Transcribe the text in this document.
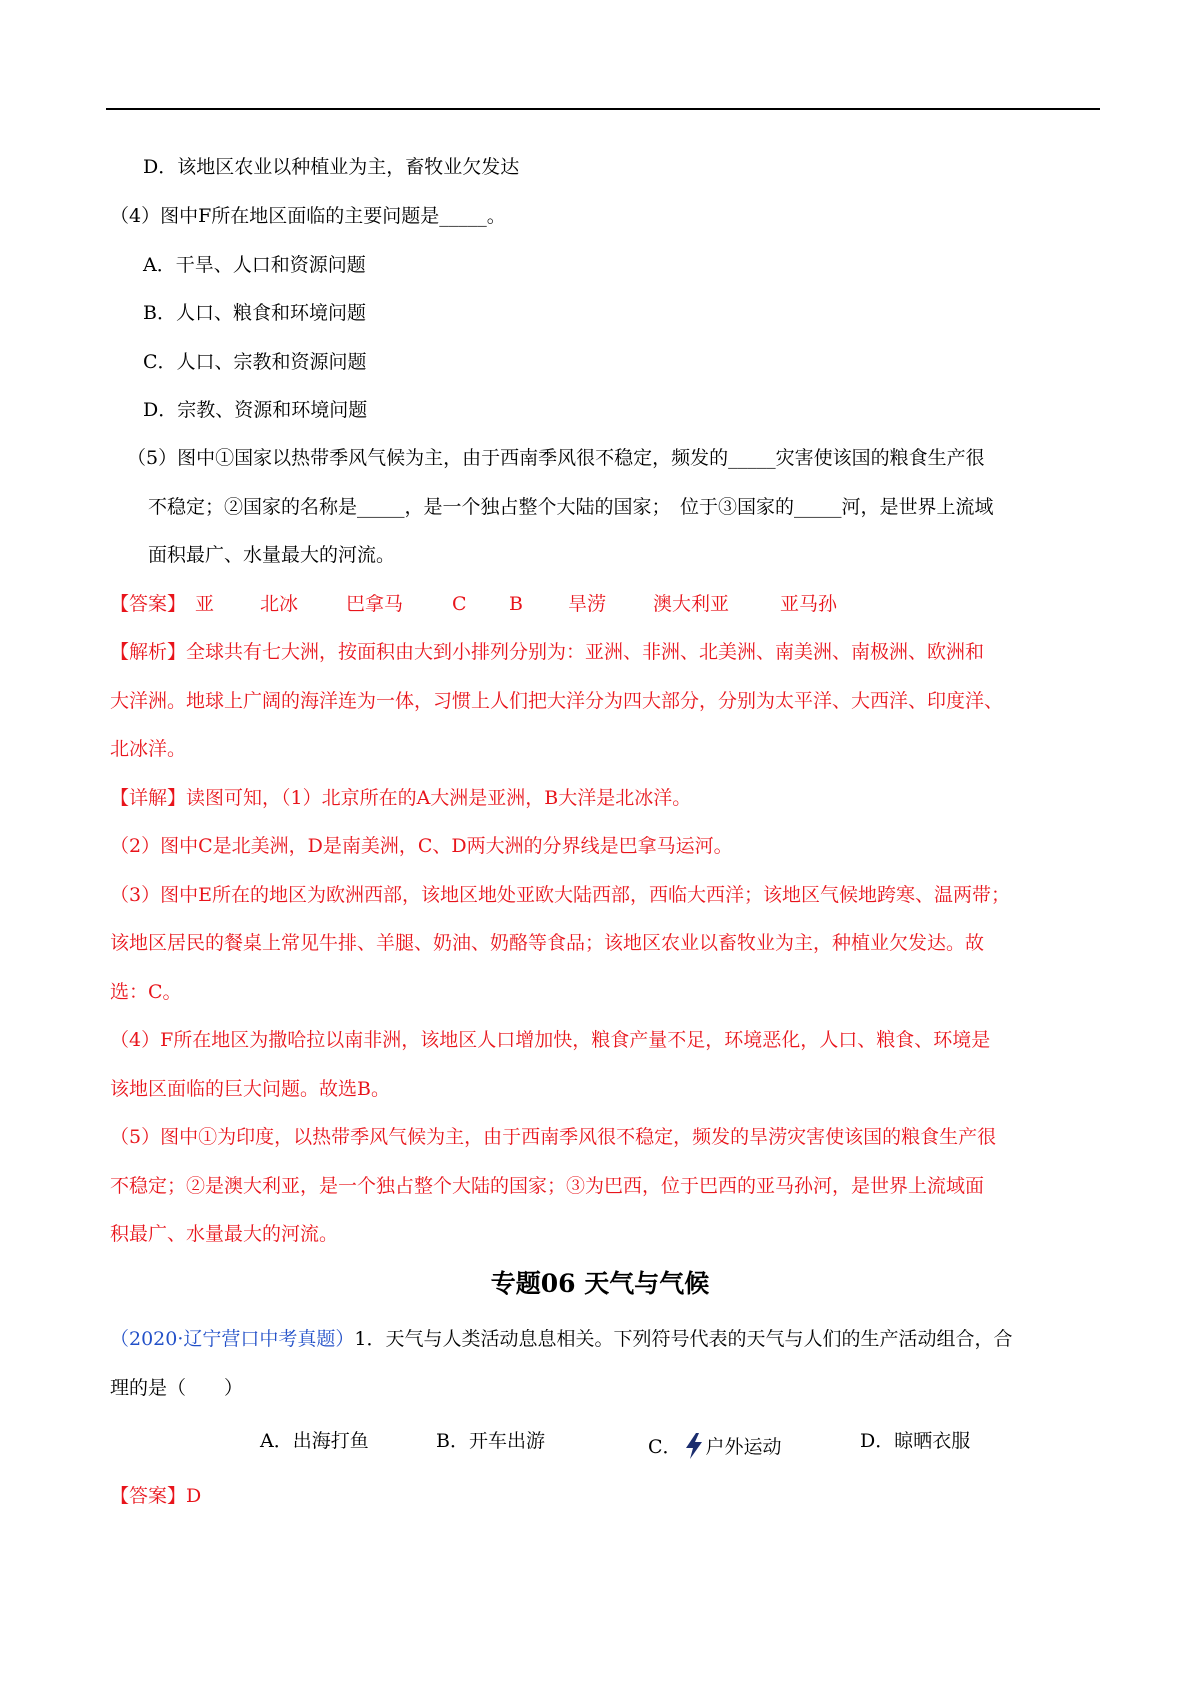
D．该地区农业以种植业为主，畜牧业欠发达
（4）图中F所在地区面临的主要问题是_____。
A．干旱、人口和资源问题
B．人口、粮食和环境问题
C．人口、宗教和资源问题
D．宗教、资源和环境问题
（5）图中①国家以热带季风气候为主，由于西南季风很不稳定，频发的_____灾害使该国的粮食生产很
不稳定；②国家的名称是_____，是一个独占整个大陆的国家；　位于③国家的_____河，是世界上流域
面积最广、水量最大的河流。
【答案】 亚 北冰	巴拿马	C B 旱涝 澳大利亚	亚马孙
【解析】全球共有七大洲，按面积由大到小排列分别为：亚洲、非洲、北美洲、南美洲、南极洲、欧洲和
大洋洲。地球上广阔的海洋连为一体，习惯上人们把大洋分为四大部分，分别为太平洋、大西洋、印度洋、
北冰洋。
【详解】读图可知，（1）北京所在的A大洲是亚洲，B大洋是北冰洋。
（2）图中C是北美洲，D是南美洲，C、D两大洲的分界线是巴拿马运河。
（3）图中E所在的地区为欧洲西部，该地区地处亚欧大陆西部，西临大西洋；该地区气候地跨寒、温两带；
该地区居民的餐桌上常见牛排、羊腿、奶油、奶酪等食品；该地区农业以畜牧业为主，种植业欠发达。故
选：C。
（4）F所在地区为撒哈拉以南非洲，该地区人口增加快，粮食产量不足，环境恶化，人口、粮食、环境是
该地区面临的巨大问题。故选B。
（5）图中①为印度，以热带季风气候为主，由于西南季风很不稳定，频发的旱涝灾害使该国的粮食生产很
不稳定；②是澳大利亚，是一个独占整个大陆的国家；③为巴西，位于巴西的亚马孙河，是世界上流域面
积最广、水量最大的河流。
专题06 天气与气候
（2020·辽宁营口中考真题）1．天气与人类活动息息相关。下列符号代表的天气与人们的生产活动组合，合
理的是（　　）
A．出海打鱼	B．开车出游	C． 户外运动	D．晾晒衣服
【答案】D
